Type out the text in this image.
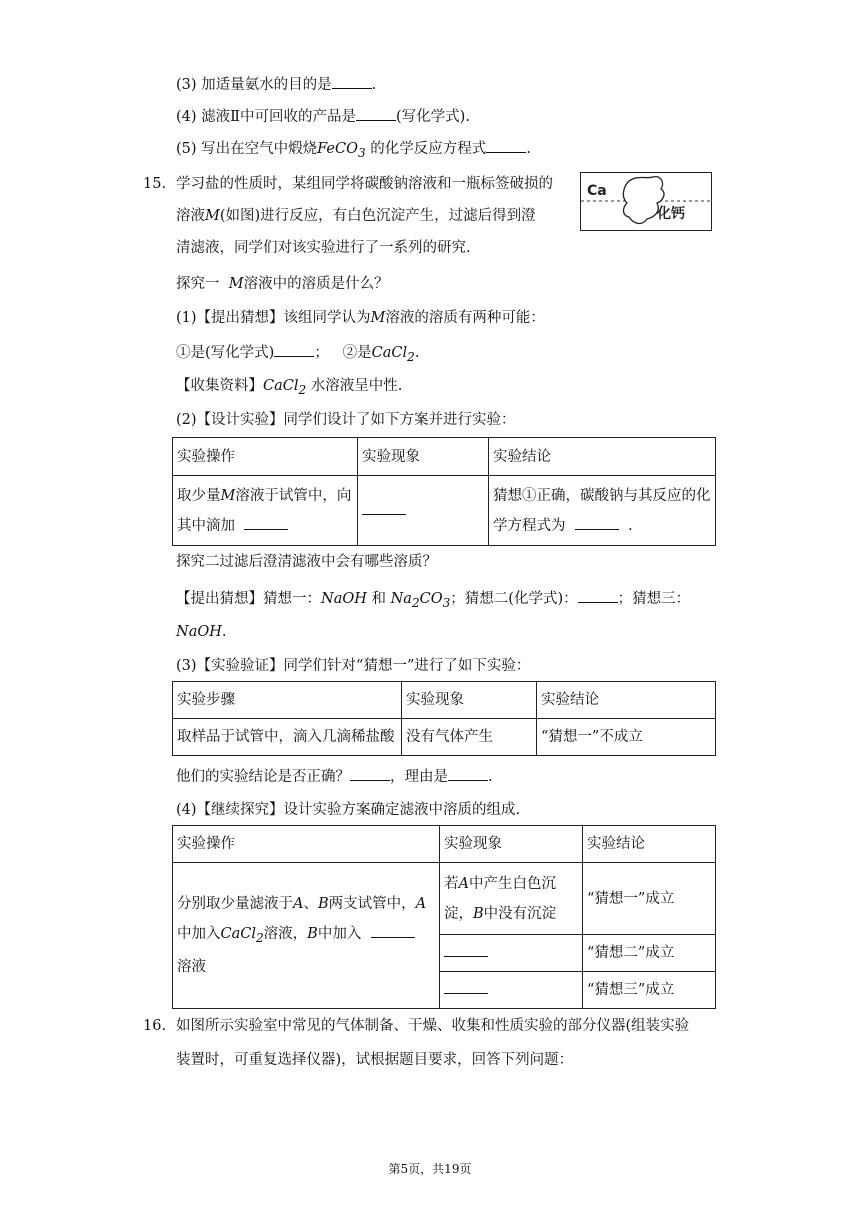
(3) 加适量氨水的目的是	.
(4) 滤液Ⅱ中可回收的产品是	(写化学式).
(5) 写出在空气中煅烧FeCO$_3$ 的化学反应方程式	.
15. 学习盐的性质时，某组同学将碳酸钠溶液和一瓶标签破损的
溶液M(如图)进行反应，有白色沉淀产生，过滤后得到澄
清滤液，同学们对该实验进行了一系列的研究.
Ca
化钙
探究一 M溶液中的溶质是什么？
(1)【提出猜想】该组同学认为M溶液的溶质有两种可能：
①是(写化学式)	； ②是CaCl$_2$.
【收集资料】CaCl$_2$ 水溶液呈中性.
(2)【设计实验】同学们设计了如下方案并进行实验：
实验操作	实验现象	实验结论
取少量M溶液于试管中，向
其中滴加		猜想①正确，碳酸钠与其反应的化
学方程式为 .
探究二过滤后澄清滤液中会有哪些溶质？
【提出猜想】猜想一：NaOH 和 $Na_2CO_3$；猜想二(化学式)：	；猜想三：
NaOH.
(3)【实验验证】同学们针对“猜想一”进行了如下实验：
实验步骤	实验现象	实验结论
取样品于试管中，滴入几滴稀盐酸	没有气体产生	“猜想一”不成立
他们的实验结论是否正确？	，理由是	.
(4)【继续探究】设计实验方案确定滤液中溶质的组成.
实验操作	实验现象	实验结论
分别取少量滤液于A、B两支试管中，A
中加入CaCl$_2$溶液，B中加入
溶液	若A中产生白色沉
淀，B中没有沉淀	“猜想一”成立
		“猜想二”成立
		“猜想三”成立
16. 如图所示实验室中常见的气体制备、干燥、收集和性质实验的部分仪器(组装实验
装置时，可重复选择仪器)，试根据题目要求，回答下列问题：
第5页，共19页
